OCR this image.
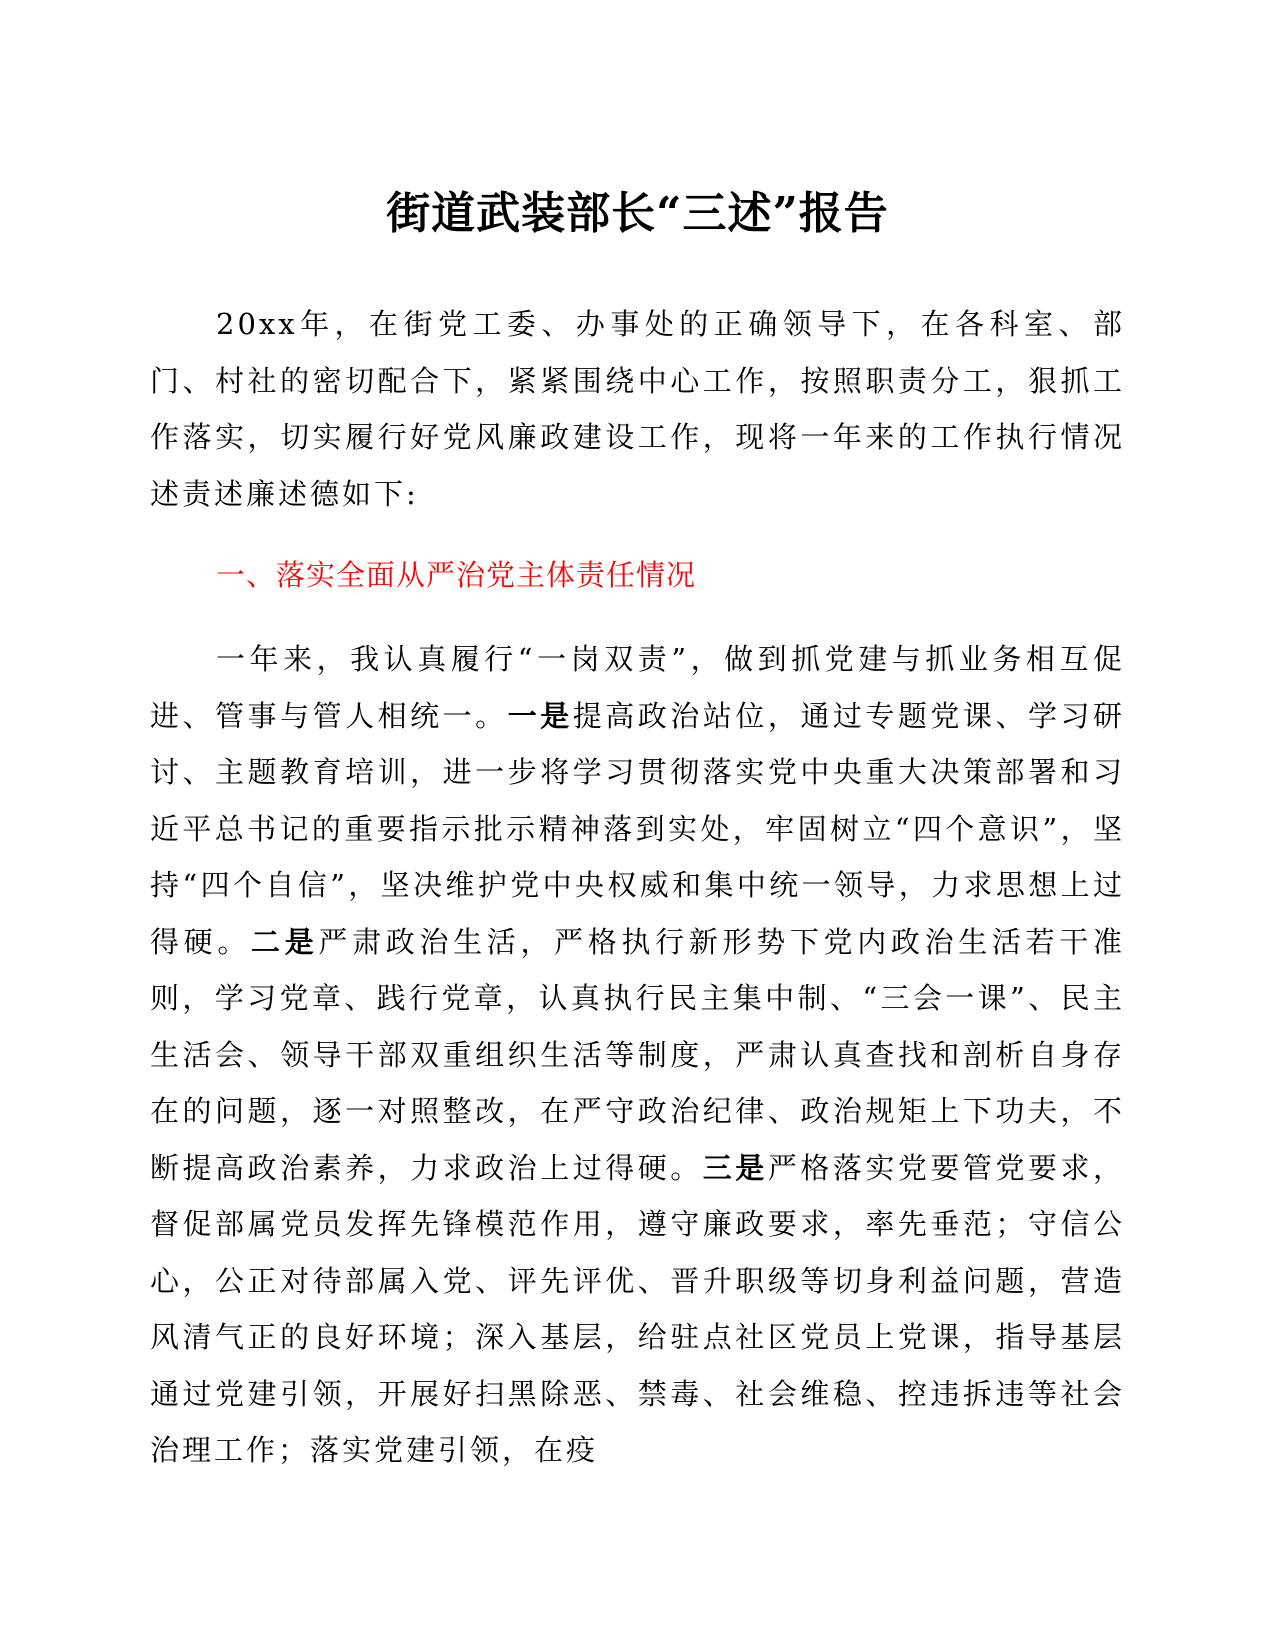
街道武装部长“三述”报告

20xx年，在街党工委、办事处的正确领导下，在各科室、部门、村社的密切配合下，紧紧围绕中心工作，按照职责分工，狠抓工作落实，切实履行好党风廉政建设工作，现将一年来的工作执行情况述责述廉述德如下:

一、落实全面从严治党主体责任情况

一年来，我认真履行“一岗双责”，做到抓党建与抓业务相互促进、管事与管人相统一。一是提高政治站位，通过专题党课、学习研讨、主题教育培训，进一步将学习贯彻落实党中央重大决策部署和习近平总书记的重要指示批示精神落到实处，牢固树立“四个意识”，坚持“四个自信”，坚决维护党中央权威和集中统一领导，力求思想上过得硬。二是严肃政治生活，严格执行新形势下党内政治生活若干准则，学习党章、践行党章，认真执行民主集中制、“三会一课”、民主生活会、领导干部双重组织生活等制度，严肃认真查找和剖析自身存在的问题，逐一对照整改，在严守政治纪律、政治规矩上下功夫，不断提高政治素养，力求政治上过得硬。三是严格落实党要管党要求，督促部属党员发挥先锋模范作用，遵守廉政要求，率先垂范；守信公心，公正对待部属入党、评先评优、晋升职级等切身利益问题，营造风清气正的良好环境；深入基层，给驻点社区党员上党课，指导基层通过党建引领，开展好扫黑除恶、禁毒、社会维稳、控违拆违等社会治理工作；落实党建引领，在疫
